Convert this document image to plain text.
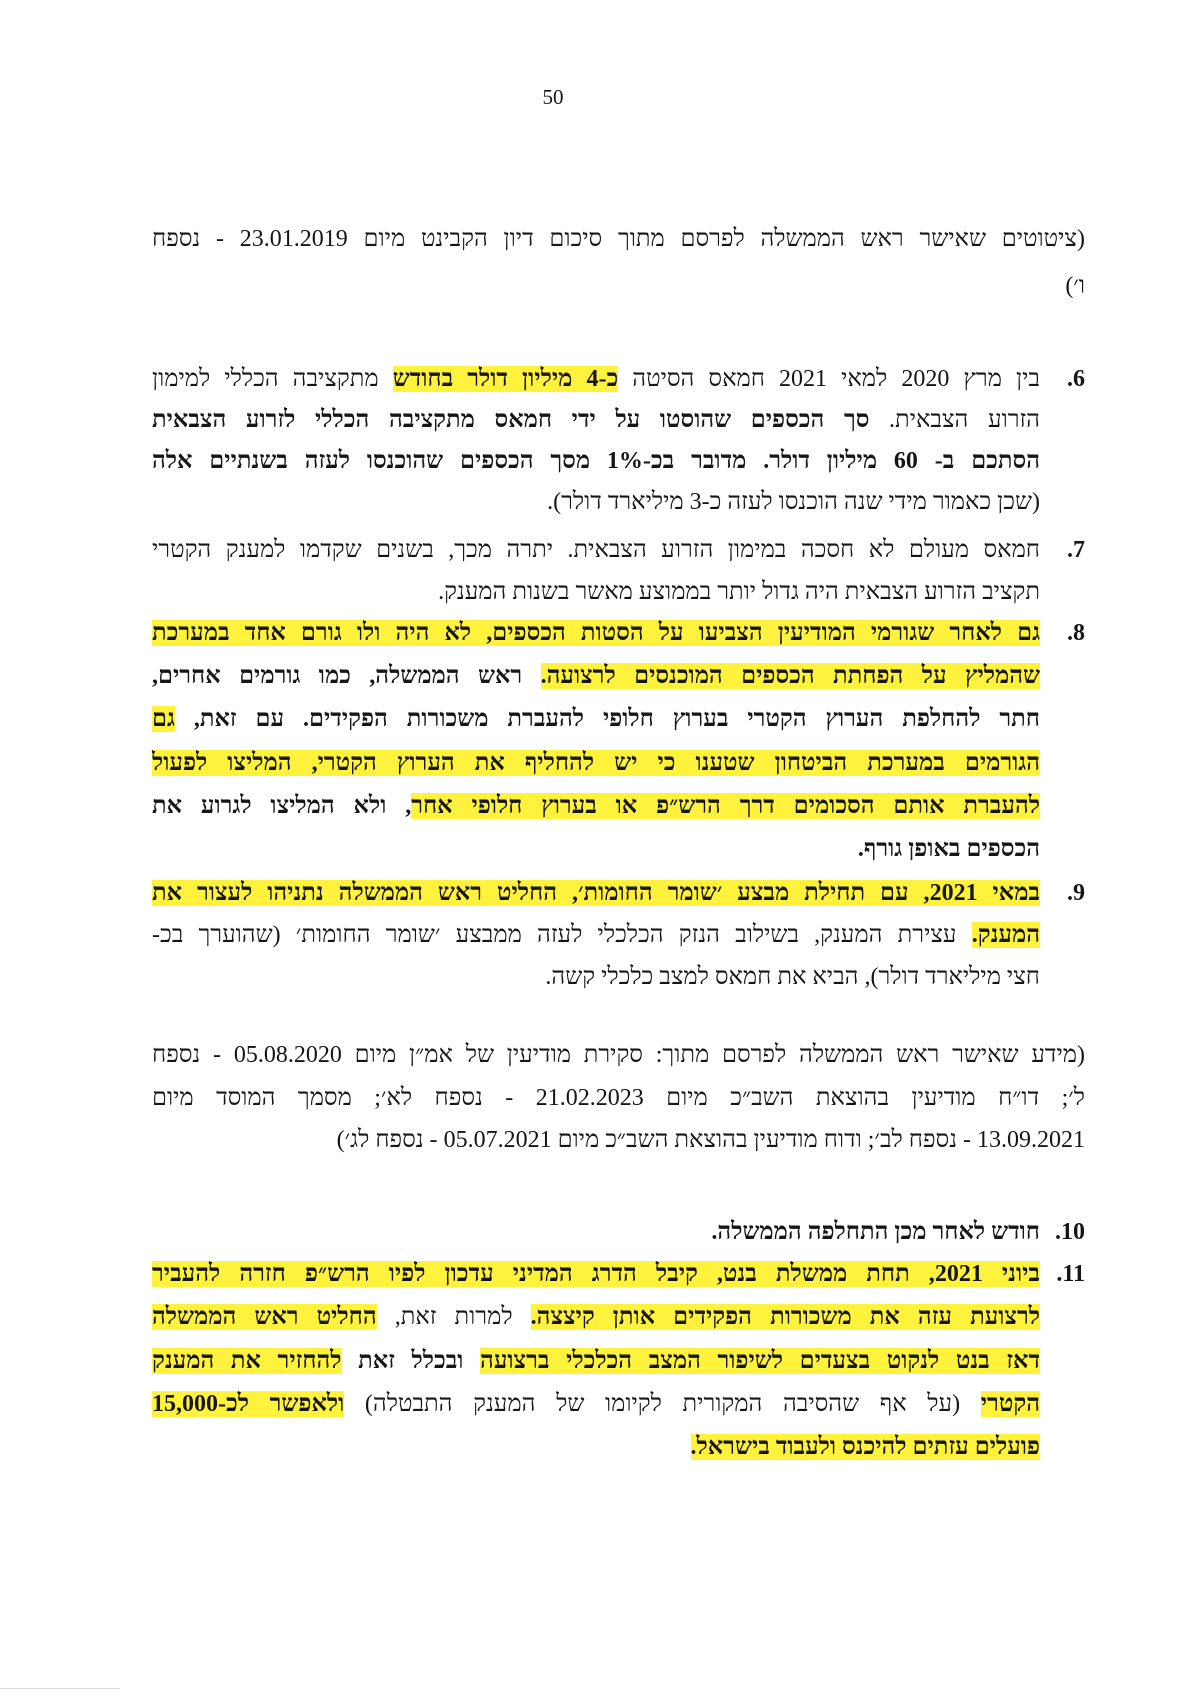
50
(ציטוטים שאישר ראש הממשלה לפרסם מתוך סיכום דיון הקבינט מיום 23.01.2019 - נספח
ו׳)
6.
בין מרץ 2020 למאי 2021 חמאס הסיטה כ-4 מיליון דולר בחודש מתקציבה הכללי למימון
הזרוע הצבאית. סך הכספים שהוסטו על ידי חמאס מתקציבה הכללי לזרוע הצבאית
הסתכם ב- 60 מיליון דולר. מדובר בכ-1% מסך הכספים שהוכנסו לעזה בשנתיים אלה
(שכן כאמור מידי שנה הוכנסו לעזה כ-3 מיליארד דולר).
7.
חמאס מעולם לא חסכה במימון הזרוע הצבאית. יתרה מכך, בשנים שקדמו למענק הקטרי
תקציב הזרוע הצבאית היה גדול יותר בממוצע מאשר בשנות המענק.
8.
גם לאחר שגורמי המודיעין הצביעו על הסטות הכספים, לא היה ולו גורם אחד במערכת
שהמליץ על הפחתת הכספים המוכנסים לרצועה. ראש הממשלה, כמו גורמים אחרים,
חתר להחלפת הערוץ הקטרי בערוץ חלופי להעברת משכורות הפקידים. עם זאת, גם
הגורמים במערכת הביטחון שטענו כי יש להחליף את הערוץ הקטרי, המליצו לפעול
להעברת אותם הסכומים דרך הרש״פ או בערוץ חלופי אחר, ולא המליצו לגרוע את
הכספים באופן גורף.
9.
במאי 2021, עם תחילת מבצע ׳שומר החומות׳, החליט ראש הממשלה נתניהו לעצור את
המענק. עצירת המענק, בשילוב הנזק הכלכלי לעזה ממבצע ׳שומר החומות׳ (שהוערך בכ-
חצי מיליארד דולר), הביא את חמאס למצב כלכלי קשה.
(מידע שאישר ראש הממשלה לפרסם מתוך: סקירת מודיעין של אמ״ן מיום 05.08.2020 - נספח
ל׳; דו״ח מודיעין בהוצאת השב״כ מיום 21.02.2023 - נספח לא׳; מסמך המוסד מיום
13.09.2021 - נספח לב׳; ודוח מודיעין בהוצאת השב״כ מיום 05.07.2021 - נספח לג׳)
10.
חודש לאחר מכן התחלפה הממשלה.
11.
ביוני 2021, תחת ממשלת בנט, קיבל הדרג המדיני עדכון לפיו הרש״פ חזרה להעביר
לרצועת עזה את משכורות הפקידים אותן קיצצה. למרות זאת, החליט ראש הממשלה
דאז בנט לנקוט בצעדים לשיפור המצב הכלכלי ברצועה ובכלל זאת להחזיר את המענק
הקטרי (על אף שהסיבה המקורית לקיומו של המענק התבטלה) ולאפשר לכ-15,000
פועלים עזתים להיכנס ולעבוד בישראל.
